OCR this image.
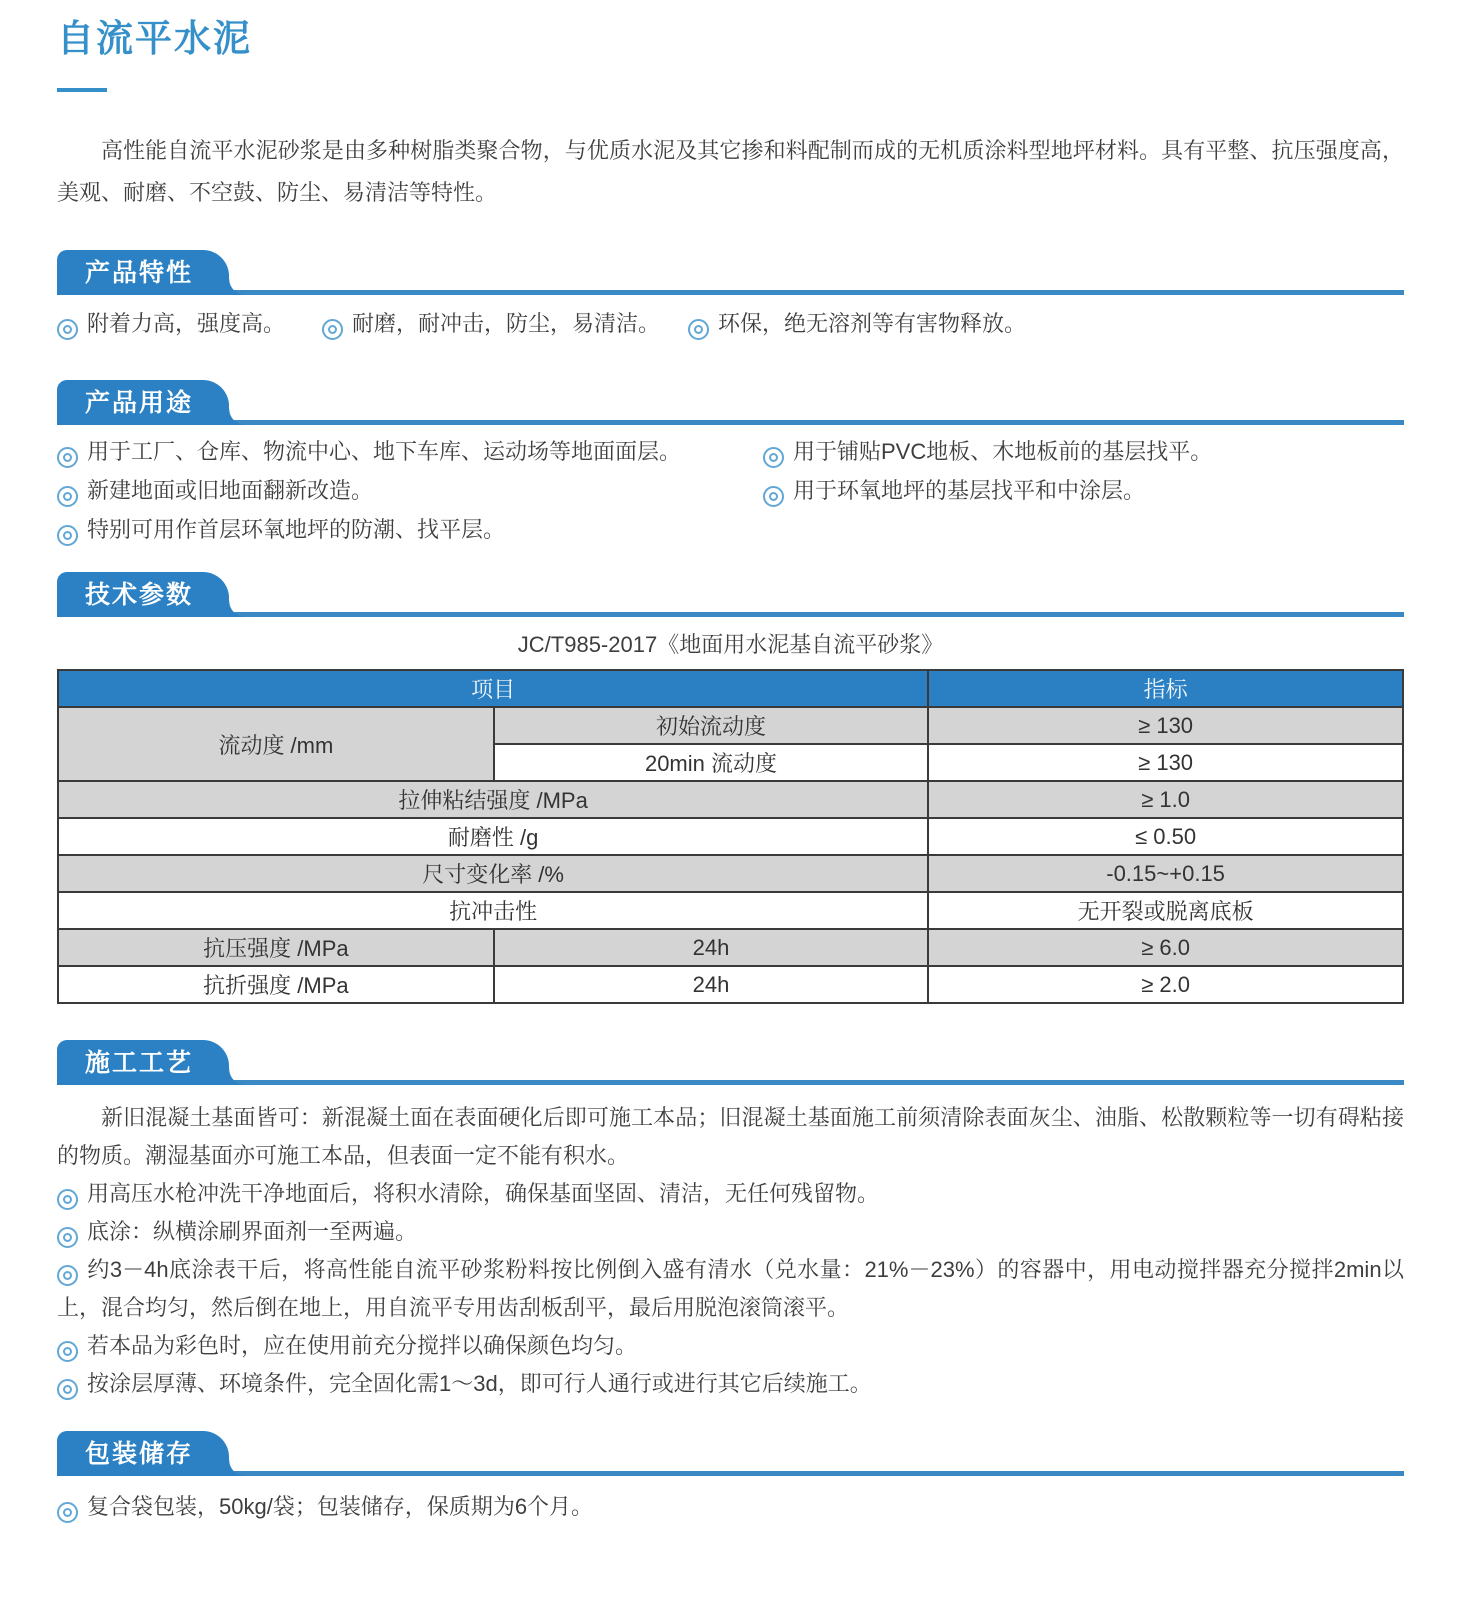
自流平水泥

高性能自流平水泥砂浆是由多种树脂类聚合物，与优质水泥及其它掺和料配制而成的无机质涂料型地坪材料。具有平整、抗压强度高，美观、耐磨、不空鼓、防尘、易清洁等特性。

产品特性
附着力高，强度高。	耐磨，耐冲击，防尘，易清洁。	环保，绝无溶剂等有害物释放。
产品用途
用于工厂、仓库、物流中心、地下车库、运动场等地面面层。	用于铺贴PVC地板、木地板前的基层找平。
新建地面或旧地面翻新改造。	用于环氧地坪的基层找平和中涂层。
特别可用作首层环氧地坪的防潮、找平层。
技术参数
JC/T985-2017《地面用水泥基自流平砂浆》
项目		指标
流动度 /mm	初始流动度	≥ 130
	20min 流动度	≥ 130
拉伸粘结强度 /MPa		≥ 1.0
耐磨性 /g		≤ 0.50
尺寸变化率 /%		-0.15~+0.15
抗冲击性		无开裂或脱离底板
抗压强度 /MPa	24h	≥ 6.0
抗折强度 /MPa	24h	≥ 2.0
施工工艺

新旧混凝土基面皆可：新混凝土面在表面硬化后即可施工本品；旧混凝土基面施工前须清除表面灰尘、油脂、松散颗粒等一切有碍粘接的物质。潮湿基面亦可施工本品，但表面一定不能有积水。

用高压水枪冲洗干净地面后，将积水清除，确保基面坚固、清洁，无任何残留物。
底涂：纵横涂刷界面剂一至两遍。
约3－4h底涂表干后，将高性能自流平砂浆粉料按比例倒入盛有清水（兑水量：21%－23%）的容器中，用电动搅拌器充分搅拌2min以上，混合均匀，然后倒在地上，用自流平专用齿刮板刮平，最后用脱泡滚筒滚平。
若本品为彩色时，应在使用前充分搅拌以确保颜色均匀。
按涂层厚薄、环境条件，完全固化需1～3d，即可行人通行或进行其它后续施工。
包装储存
复合袋包装，50kg/袋；包装储存，保质期为6个月。
